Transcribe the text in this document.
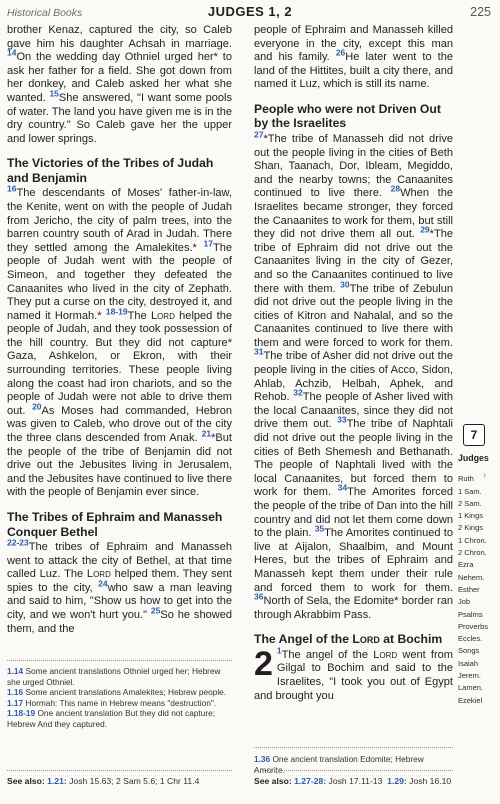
Historical Books	JUDGES 1, 2	225

brother Kenaz, captured the city, so Caleb gave him his daughter Achsah in marriage. $^{14}$On the wedding day Othniel urged her* to ask her father for a field. She got down from her donkey, and Caleb asked her what she wanted. $^{15}$She answered, "I want some pools of water. The land you have given me is in the dry country." So Caleb gave her the upper and lower springs.

The Victories of the Tribes of Judah and Benjamin

$^{16}$The descendants of Moses' father-in-law, the Kenite, went on with the people of Judah from Jericho, the city of palm trees, into the barren country south of Arad in Judah. There they settled among the Amalekites.* $^{17}$The people of Judah went with the people of Simeon, and together they defeated the Canaanites who lived in the city of Zephath. They put a curse on the city, destroyed it, and named it Hormah.* $^{18-19}$The Lord helped the people of Judah, and they took possession of the hill country. But they did not capture* Gaza, Ashkelon, or Ekron, with their surrounding territories. These people living along the coast had iron chariots, and so the people of Judah were not able to drive them out. $^{20}$As Moses had commanded, Hebron was given to Caleb, who drove out of the city the three clans descended from Anak. $^{21}$*But the people of the tribe of Benjamin did not drive out the Jebusites living in Jerusalem, and the Jebusites have continued to live there with the people of Benjamin ever since.

The Tribes of Ephraim and Manasseh Conquer Bethel

$^{22-23}$The tribes of Ephraim and Manasseh went to attack the city of Bethel, at that time called Luz. The Lord helped them. They sent spies to the city, $^{24}$who saw a man leaving and said to him, "Show us how to get into the city, and we won't hurt you." $^{25}$So he showed them, and the

1.14 Some ancient translations Othniel urged her; Hebrew she urged Othniel.
1.16 Some ancient translations Amalekites; Hebrew people.
1.17 Hormah: This name in Hebrew means "destruction".
1.18-19 One ancient translation But they did not capture; Hebrew And they captured.
See also: 1.21: Josh 15.63; 2 Sam 5.6; 1 Chr 11.4

people of Ephraim and Manasseh killed everyone in the city, except this man and his family. $^{26}$He later went to the land of the Hittites, built a city there, and named it Luz, which is still its name.

People who were not Driven Out by the Israelites

$^{27}$*The tribe of Manasseh did not drive out the people living in the cities of Beth Shan, Taanach, Dor, Ibleam, Megiddo, and the nearby towns; the Canaanites continued to live there. $^{28}$When the Israelites became stronger, they forced the Canaanites to work for them, but still they did not drive them all out. $^{29}$*The tribe of Ephraim did not drive out the Canaanites living in the city of Gezer, and so the Canaanites continued to live there with them. $^{30}$The tribe of Zebulun did not drive out the people living in the cities of Kitron and Nahalal, and so the Canaanites continued to live there with them and were forced to work for them. $^{31}$The tribe of Asher did not drive out the people living in the cities of Acco, Sidon, Ahlab, Achzib, Helbah, Aphek, and Rehob. $^{32}$The people of Asher lived with the local Canaanites, since they did not drive them out. $^{33}$The tribe of Naphtali did not drive out the people living in the cities of Beth Shemesh and Bethanath. The people of Naphtali lived with the local Canaanites, but forced them to work for them. $^{34}$The Amorites forced the people of the tribe of Dan into the hill country and did not let them come down to the plain. $^{35}$The Amorites continued to live at Aijalon, Shaalbim, and Mount Heres, but the tribes of Ephraim and Manasseh kept them under their rule and forced them to work for them. $^{36}$North of Sela, the Edomite* border ran through Akrabbim Pass.

The Angel of the Lord at Bochim

2 $^1$The angel of the Lord went from Gilgal to Bochim and said to the Israelites, "I took you out of Egypt and brought you

1.36 One ancient translation Edomite; Hebrew Amorite.
See also: 1.27-28: Josh 17.11-13 1.29: Josh 16.10
7
Judges
Ruth
1 Sam.
2 Sam.
1 Kings
2 Kings
1 Chron.
2 Chron.
Ezra
Nehem.
Esther
Job
Psalms
Proverbs
Eccles.
Songs
Isaiah
Jerem.
Lamen.
Ezekiel
›
